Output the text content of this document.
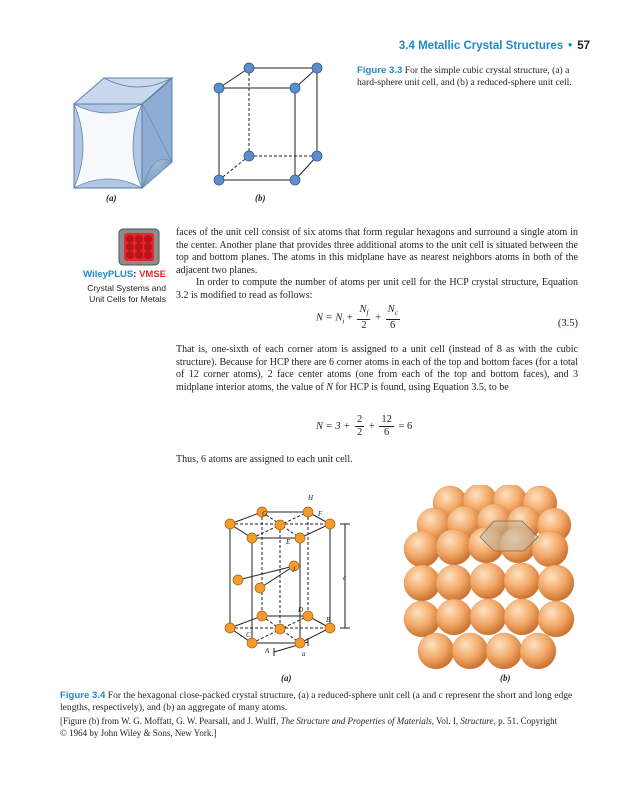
3.4 Metallic Crystal Structures • 57
(a)	(b)
Figure 3.3 For the simple cubic crystal structure, (a) a hard-sphere unit cell, and (b) a reduced-sphere unit cell.
WileyPLUS: VMSE
Crystal Systems and
Unit Cells for Metals

faces of the unit cell consist of six atoms that form regular hexagons and surround a single atom in the center. Another plane that provides three additional atoms to the unit cell is situated between the top and bottom planes. The atoms in this midplane have as nearest neighbors atoms in both of the adjacent two planes.

In order to compute the number of atoms per unit cell for the HCP crystal structure, Equation 3.2 is modified to read as follows:

$N = N_i + \frac{N_f}{2} + \frac{N_c}{6}$	(3.5)

That is, one-sixth of each corner atom is assigned to a unit cell (instead of 8 as with the cubic structure). Because for HCP there are 6 corner atoms in each of the top and bottom faces (for a total of 12 corner atoms), 2 face center atoms (one from each of the top and bottom faces), and 3 midplane interior atoms, the value of N for HCP is found, using Equation 3.5, to be

$N = 3 + \frac{2}{2} + \frac{12}{6} = 6$

Thus, 6 atoms are assigned to each unit cell.

H
G	F
E
J
D
B
C
A	a
c
(a)	(b)
Figure 3.4 For the hexagonal close-packed crystal structure, (a) a reduced-sphere unit cell (a and c represent the short and long edge lengths, respectively), and (b) an aggregate of many atoms.
[Figure (b) from W. G. Moffatt, G. W. Pearsall, and J. Wulff, The Structure and Properties of Materials, Vol. I, Structure, p. 51. Copyright © 1964 by John Wiley & Sons, New York.]
